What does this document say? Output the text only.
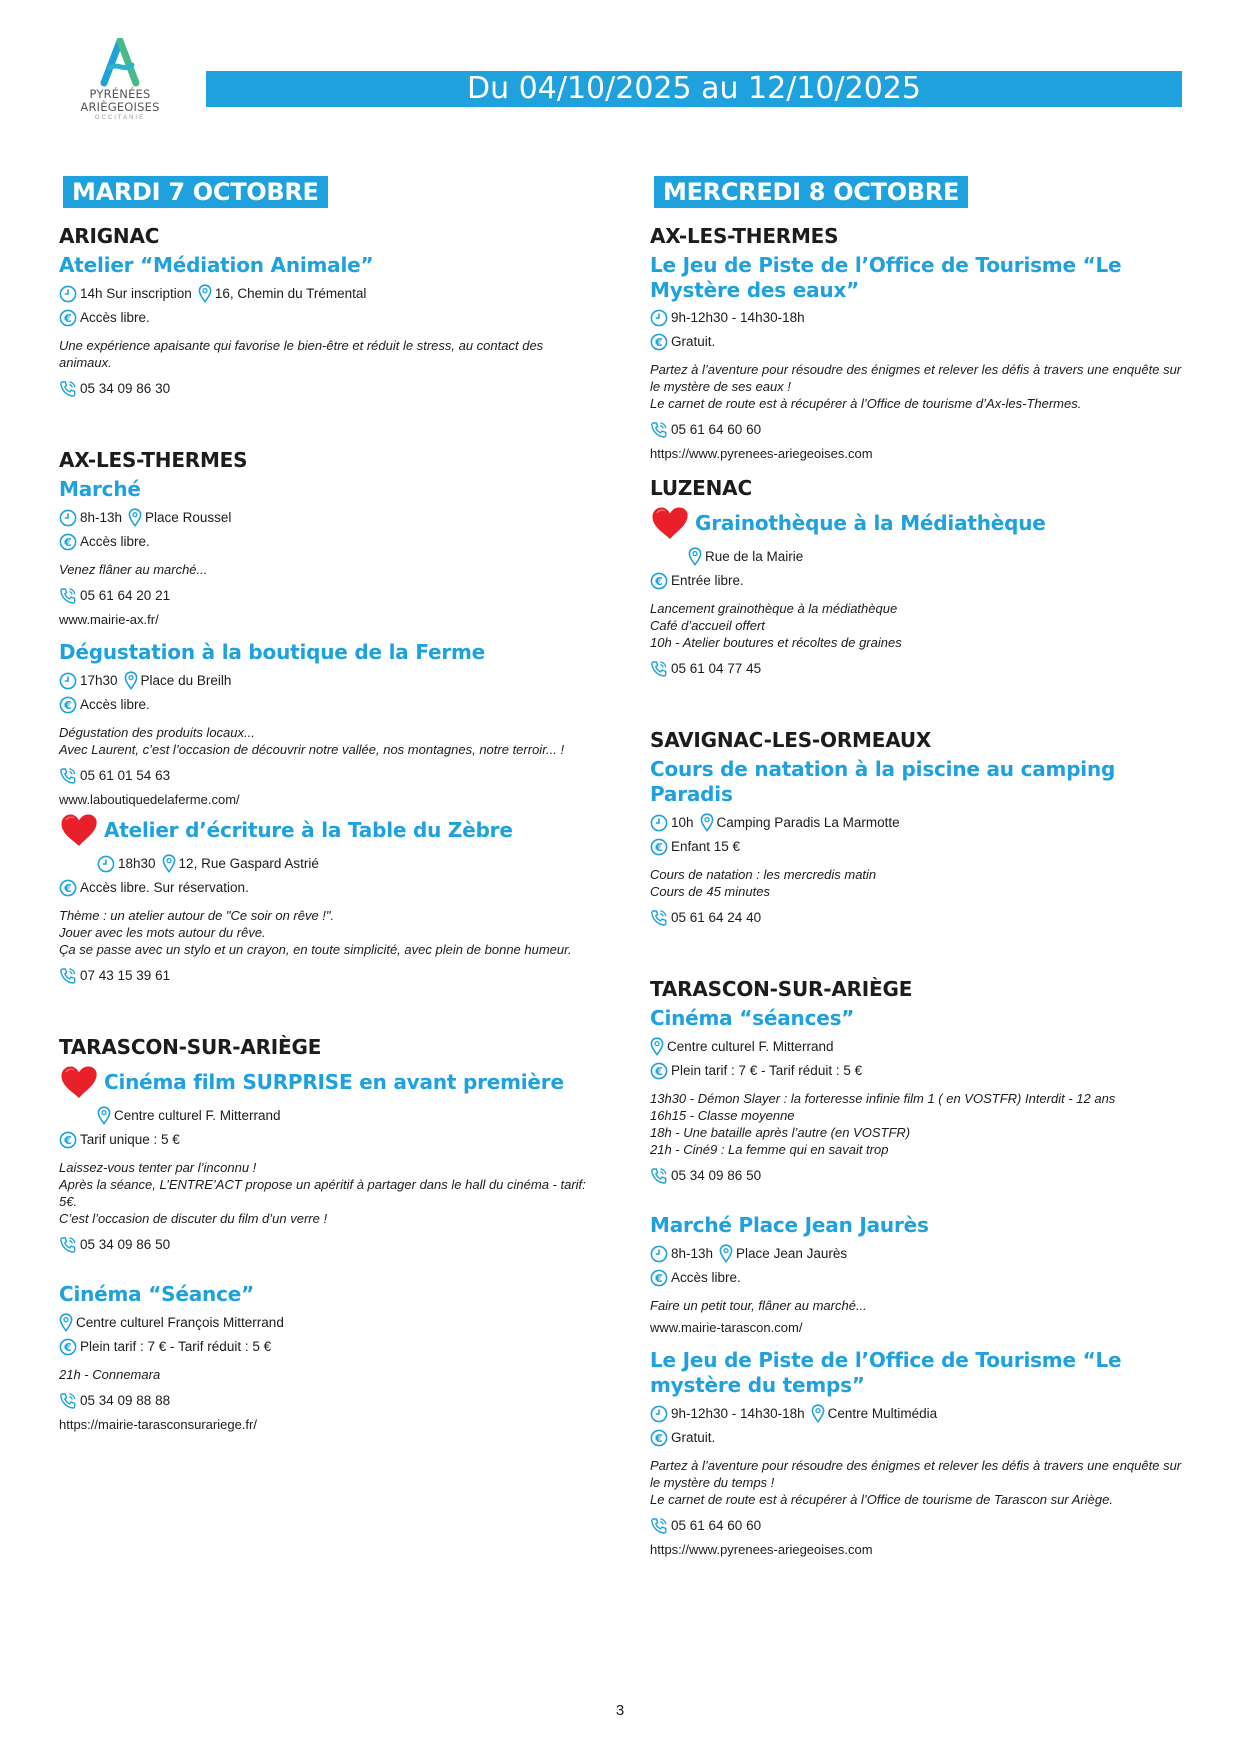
PYRÉNÉES
ARIÈGEOISES
OCCITANIE
Du 04/10/2025 au 12/10/2025
MARDI 7 OCTOBRE
ARIGNAC
Atelier “Médiation Animale”
14h Sur inscription 16, Chemin du Trémental
Accès libre.
Une expérience apaisante qui favorise le bien-être et réduit le stress, au contact des animaux.
05 34 09 86 30
AX-LES-THERMES
Marché
8h-13h Place Roussel
Accès libre.
Venez flâner au marché...
05 61 64 20 21
www.mairie-ax.fr/
Dégustation à la boutique de la Ferme
17h30 Place du Breilh
Accès libre.
Dégustation des produits locaux...
Avec Laurent, c’est l’occasion de découvrir notre vallée, nos montagnes, notre terroir... !
05 61 01 54 63
www.laboutiquedelaferme.com/
Atelier d’écriture à la Table du Zèbre
18h30 12, Rue Gaspard Astrié
Accès libre. Sur réservation.
Thème : un atelier autour de "Ce soir on rêve !".
Jouer avec les mots autour du rêve.
Ça se passe avec un stylo et un crayon, en toute simplicité, avec plein de bonne humeur.
07 43 15 39 61
TARASCON-SUR-ARIÈGE
Cinéma film SURPRISE en avant première
Centre culturel F. Mitterrand
Tarif unique : 5 €
Laissez-vous tenter par l’inconnu !
Après la séance, L’ENTRE’ACT propose un apéritif à partager dans le hall du cinéma - tarif: 5€.
C’est l’occasion de discuter du film d’un verre !
05 34 09 86 50
Cinéma “Séance”
Centre culturel François Mitterrand
Plein tarif : 7 € - Tarif réduit : 5 €
21h - Connemara
05 34 09 88 88
https://mairie-tarasconsurariege.fr/
MERCREDI 8 OCTOBRE
AX-LES-THERMES
Le Jeu de Piste de l’Office de Tourisme “Le Mystère des eaux”
9h-12h30 - 14h30-18h
Gratuit.
Partez à l’aventure pour résoudre des énigmes et relever les défis à travers une enquête sur le mystère de ses eaux !
Le carnet de route est à récupérer à l’Office de tourisme d’Ax-les-Thermes.
05 61 64 60 60
https://www.pyrenees-ariegeoises.com
LUZENAC
Grainothèque à la Médiathèque
Rue de la Mairie
Entrée libre.
Lancement grainothèque à la médiathèque
Café d’accueil offert
10h - Atelier boutures et récoltes de graines
05 61 04 77 45
SAVIGNAC-LES-ORMEAUX
Cours de natation à la piscine au camping Paradis
10h Camping Paradis La Marmotte
Enfant 15 €
Cours de natation : les mercredis matin
Cours de 45 minutes
05 61 64 24 40
TARASCON-SUR-ARIÈGE
Cinéma “séances”
Centre culturel F. Mitterrand
Plein tarif : 7 € - Tarif réduit : 5 €
13h30 - Démon Slayer : la forteresse infinie film 1 ( en VOSTFR) Interdit - 12 ans
16h15 - Classe moyenne
18h - Une bataille après l’autre (en VOSTFR)
21h - Ciné9 : La femme qui en savait trop
05 34 09 86 50
Marché Place Jean Jaurès
8h-13h Place Jean Jaurès
Accès libre.
Faire un petit tour, flâner au marché...
www.mairie-tarascon.com/
Le Jeu de Piste de l’Office de Tourisme “Le mystère du temps”
9h-12h30 - 14h30-18h Centre Multimédia
Gratuit.
Partez à l’aventure pour résoudre des énigmes et relever les défis à travers une enquête sur le mystère du temps !
Le carnet de route est à récupérer à l’Office de tourisme de Tarascon sur Ariège.
05 61 64 60 60
https://www.pyrenees-ariegeoises.com
3
